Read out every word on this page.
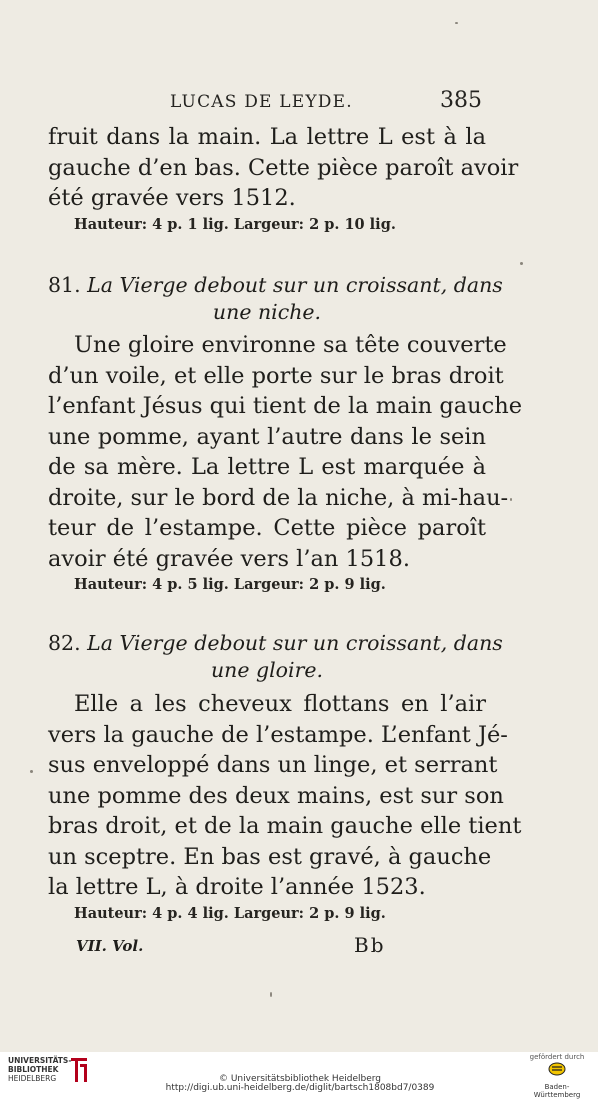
LUCAS DE LEYDE.	385
fruit dans la main. La lettre L est à la
gauche d’en bas. Cette pièce paroît avoir
été gravée vers 1512.
Hauteur: 4 p. 1 lig. Largeur: 2 p. 10 lig.
81. La Vierge debout sur un croissant, dans
une niche.
Une gloire environne sa tête couverte
d’un voile, et elle porte sur le bras droit
l’enfant Jésus qui tient de la main gauche
une pomme, ayant l’autre dans le sein
de sa mère. La lettre L est marquée à
droite, sur le bord de la niche, à mi-hau-
teur de l’estampe. Cette pièce paroît
avoir été gravée vers l’an 1518.
Hauteur: 4 p. 5 lig. Largeur: 2 p. 9 lig.
82. La Vierge debout sur un croissant, dans
une gloire.
Elle a les cheveux flottans en l’air
vers la gauche de l’estampe. L’enfant Jé-
sus enveloppé dans un linge, et serrant
une pomme des deux mains, est sur son
bras droit, et de la main gauche elle tient
un sceptre. En bas est gravé, à gauche
la lettre L, à droite l’année 1523.
Hauteur: 4 p. 4 lig. Largeur: 2 p. 9 lig.
VII. Vol.	Bb
UNIVERSITÄTS-
BIBLIOTHEK
HEIDELBERG	© Universitätsbibliothek Heidelberg
http://digi.ub.uni-heidelberg.de/diglit/bartsch1808bd7/0389
gefördert durch
Baden-Württemberg
